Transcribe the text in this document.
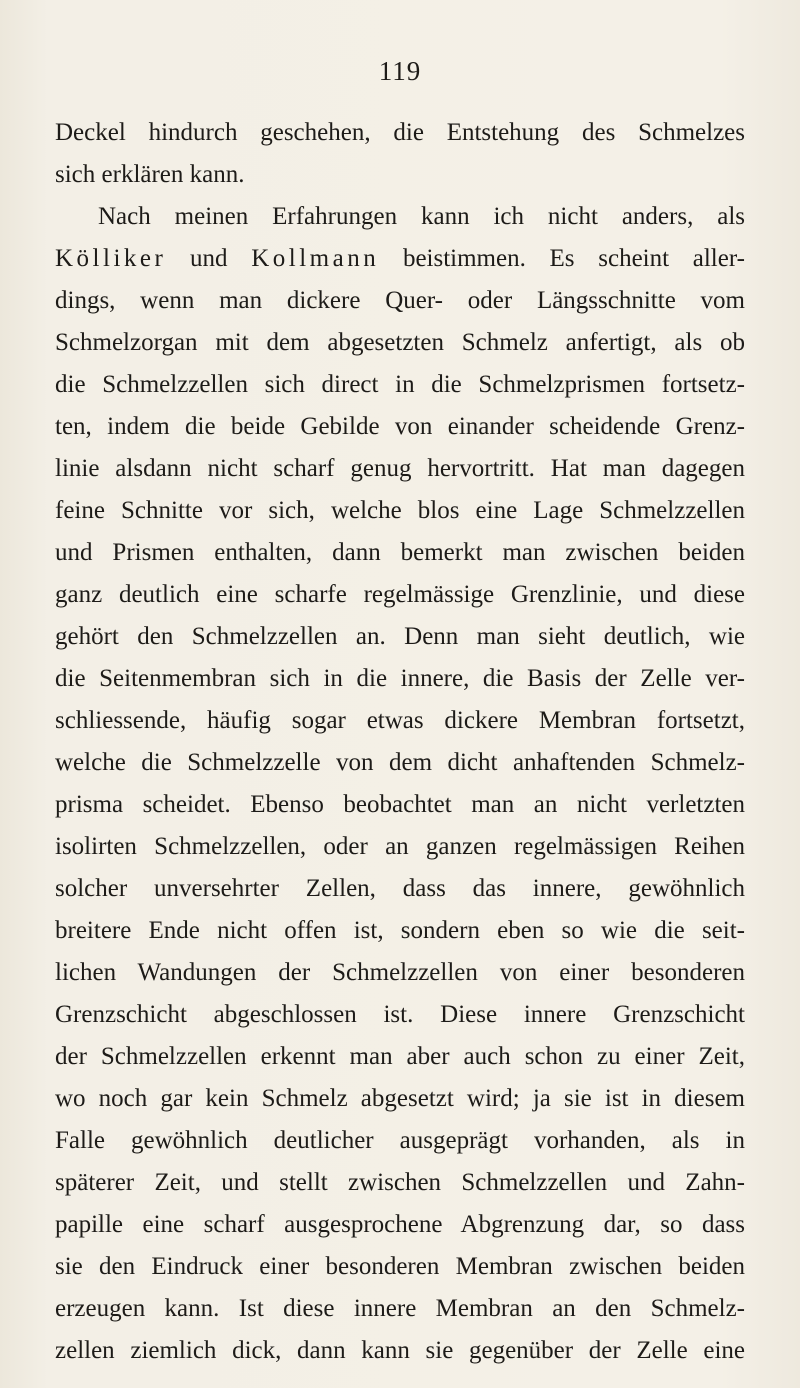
119
Deckel hindurch geschehen, die Entstehung des Schmelzes
sich erklären kann.
Nach meinen Erfahrungen kann ich nicht anders, als
Kölliker und Kollmann beistimmen. Es scheint aller-
dings, wenn man dickere Quer- oder Längsschnitte vom
Schmelzorgan mit dem abgesetzten Schmelz anfertigt, als ob
die Schmelzzellen sich direct in die Schmelzprismen fortsetz-
ten, indem die beide Gebilde von einander scheidende Grenz-
linie alsdann nicht scharf genug hervortritt. Hat man dagegen
feine Schnitte vor sich, welche blos eine Lage Schmelzzellen
und Prismen enthalten, dann bemerkt man zwischen beiden
ganz deutlich eine scharfe regelmässige Grenzlinie, und diese
gehört den Schmelzzellen an. Denn man sieht deutlich, wie
die Seitenmembran sich in die innere, die Basis der Zelle ver-
schliessende, häufig sogar etwas dickere Membran fortsetzt,
welche die Schmelzzelle von dem dicht anhaftenden Schmelz-
prisma scheidet. Ebenso beobachtet man an nicht verletzten
isolirten Schmelzzellen, oder an ganzen regelmässigen Reihen
solcher unversehrter Zellen, dass das innere, gewöhnlich
breitere Ende nicht offen ist, sondern eben so wie die seit-
lichen Wandungen der Schmelzzellen von einer besonderen
Grenzschicht abgeschlossen ist. Diese innere Grenzschicht
der Schmelzzellen erkennt man aber auch schon zu einer Zeit,
wo noch gar kein Schmelz abgesetzt wird; ja sie ist in diesem
Falle gewöhnlich deutlicher ausgeprägt vorhanden, als in
späterer Zeit, und stellt zwischen Schmelzzellen und Zahn-
papille eine scharf ausgesprochene Abgrenzung dar, so dass
sie den Eindruck einer besonderen Membran zwischen beiden
erzeugen kann. Ist diese innere Membran an den Schmelz-
zellen ziemlich dick, dann kann sie gegenüber der Zelle eine
